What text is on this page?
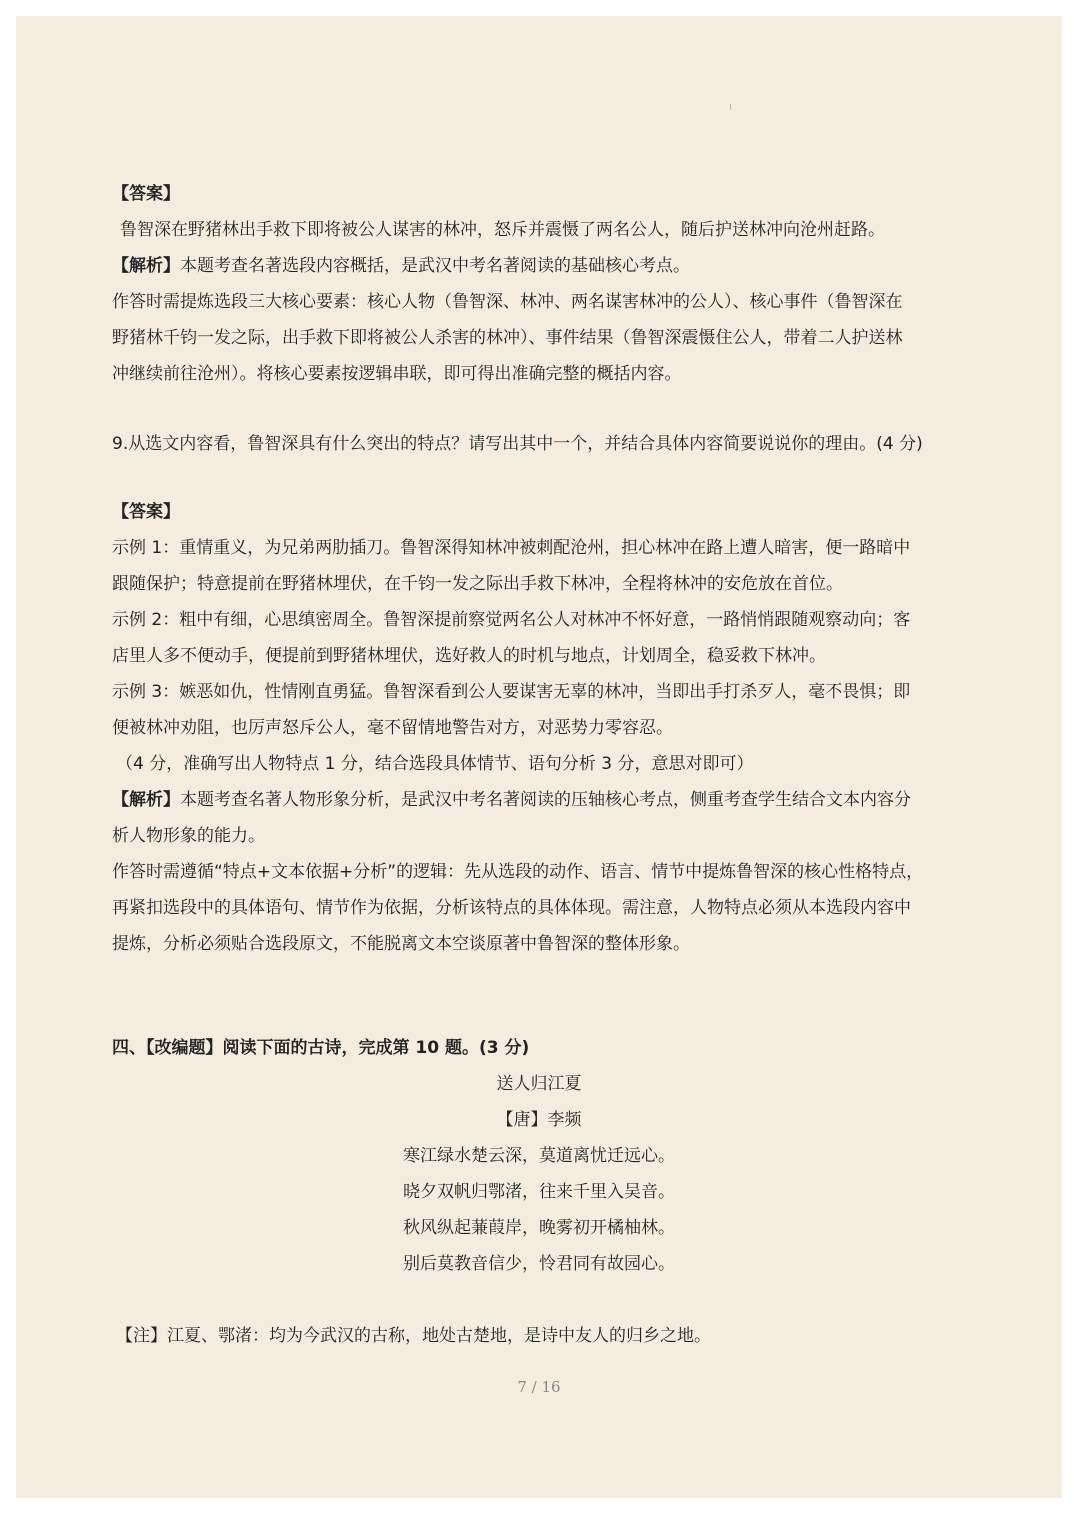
【答案】
鲁智深在野猪林出手救下即将被公人谋害的林冲，怒斥并震慑了两名公人，随后护送林冲向沧州赶路。
【解析】本题考查名著选段内容概括，是武汉中考名著阅读的基础核心考点。
作答时需提炼选段三大核心要素：核心人物（鲁智深、林冲、两名谋害林冲的公人）、核心事件（鲁智深在
野猪林千钧一发之际，出手救下即将被公人杀害的林冲）、事件结果（鲁智深震慑住公人，带着二人护送林
冲继续前往沧州）。将核心要素按逻辑串联，即可得出准确完整的概括内容。
9.从选文内容看，鲁智深具有什么突出的特点？请写出其中一个，并结合具体内容简要说说你的理由。(4 分)
【答案】
示例 1：重情重义，为兄弟两肋插刀。鲁智深得知林冲被刺配沧州，担心林冲在路上遭人暗害，便一路暗中
跟随保护；特意提前在野猪林埋伏，在千钧一发之际出手救下林冲，全程将林冲的安危放在首位。
示例 2：粗中有细，心思缜密周全。鲁智深提前察觉两名公人对林冲不怀好意，一路悄悄跟随观察动向；客
店里人多不便动手，便提前到野猪林埋伏，选好救人的时机与地点，计划周全，稳妥救下林冲。
示例 3：嫉恶如仇，性情刚直勇猛。鲁智深看到公人要谋害无辜的林冲，当即出手打杀歹人，毫不畏惧；即
便被林冲劝阻，也厉声怒斥公人，毫不留情地警告对方，对恶势力零容忍。
（4 分，准确写出人物特点 1 分，结合选段具体情节、语句分析 3 分，意思对即可）
【解析】本题考查名著人物形象分析，是武汉中考名著阅读的压轴核心考点，侧重考查学生结合文本内容分
析人物形象的能力。
作答时需遵循“特点+文本依据+分析”的逻辑：先从选段的动作、语言、情节中提炼鲁智深的核心性格特点，
再紧扣选段中的具体语句、情节作为依据，分析该特点的具体体现。需注意，人物特点必须从本选段内容中
提炼，分析必须贴合选段原文，不能脱离文本空谈原著中鲁智深的整体形象。
四、【改编题】阅读下面的古诗，完成第 10 题。(3 分)
送人归江夏
【唐】李频
寒江绿水楚云深，莫道离忧迁远心。
晓夕双帆归鄂渚，往来千里入吴音。
秋风纵起蒹葭岸，晚雾初开橘柚林。
别后莫教音信少，怜君同有故园心。
【注】江夏、鄂渚：均为今武汉的古称，地处古楚地，是诗中友人的归乡之地。
7 / 16
